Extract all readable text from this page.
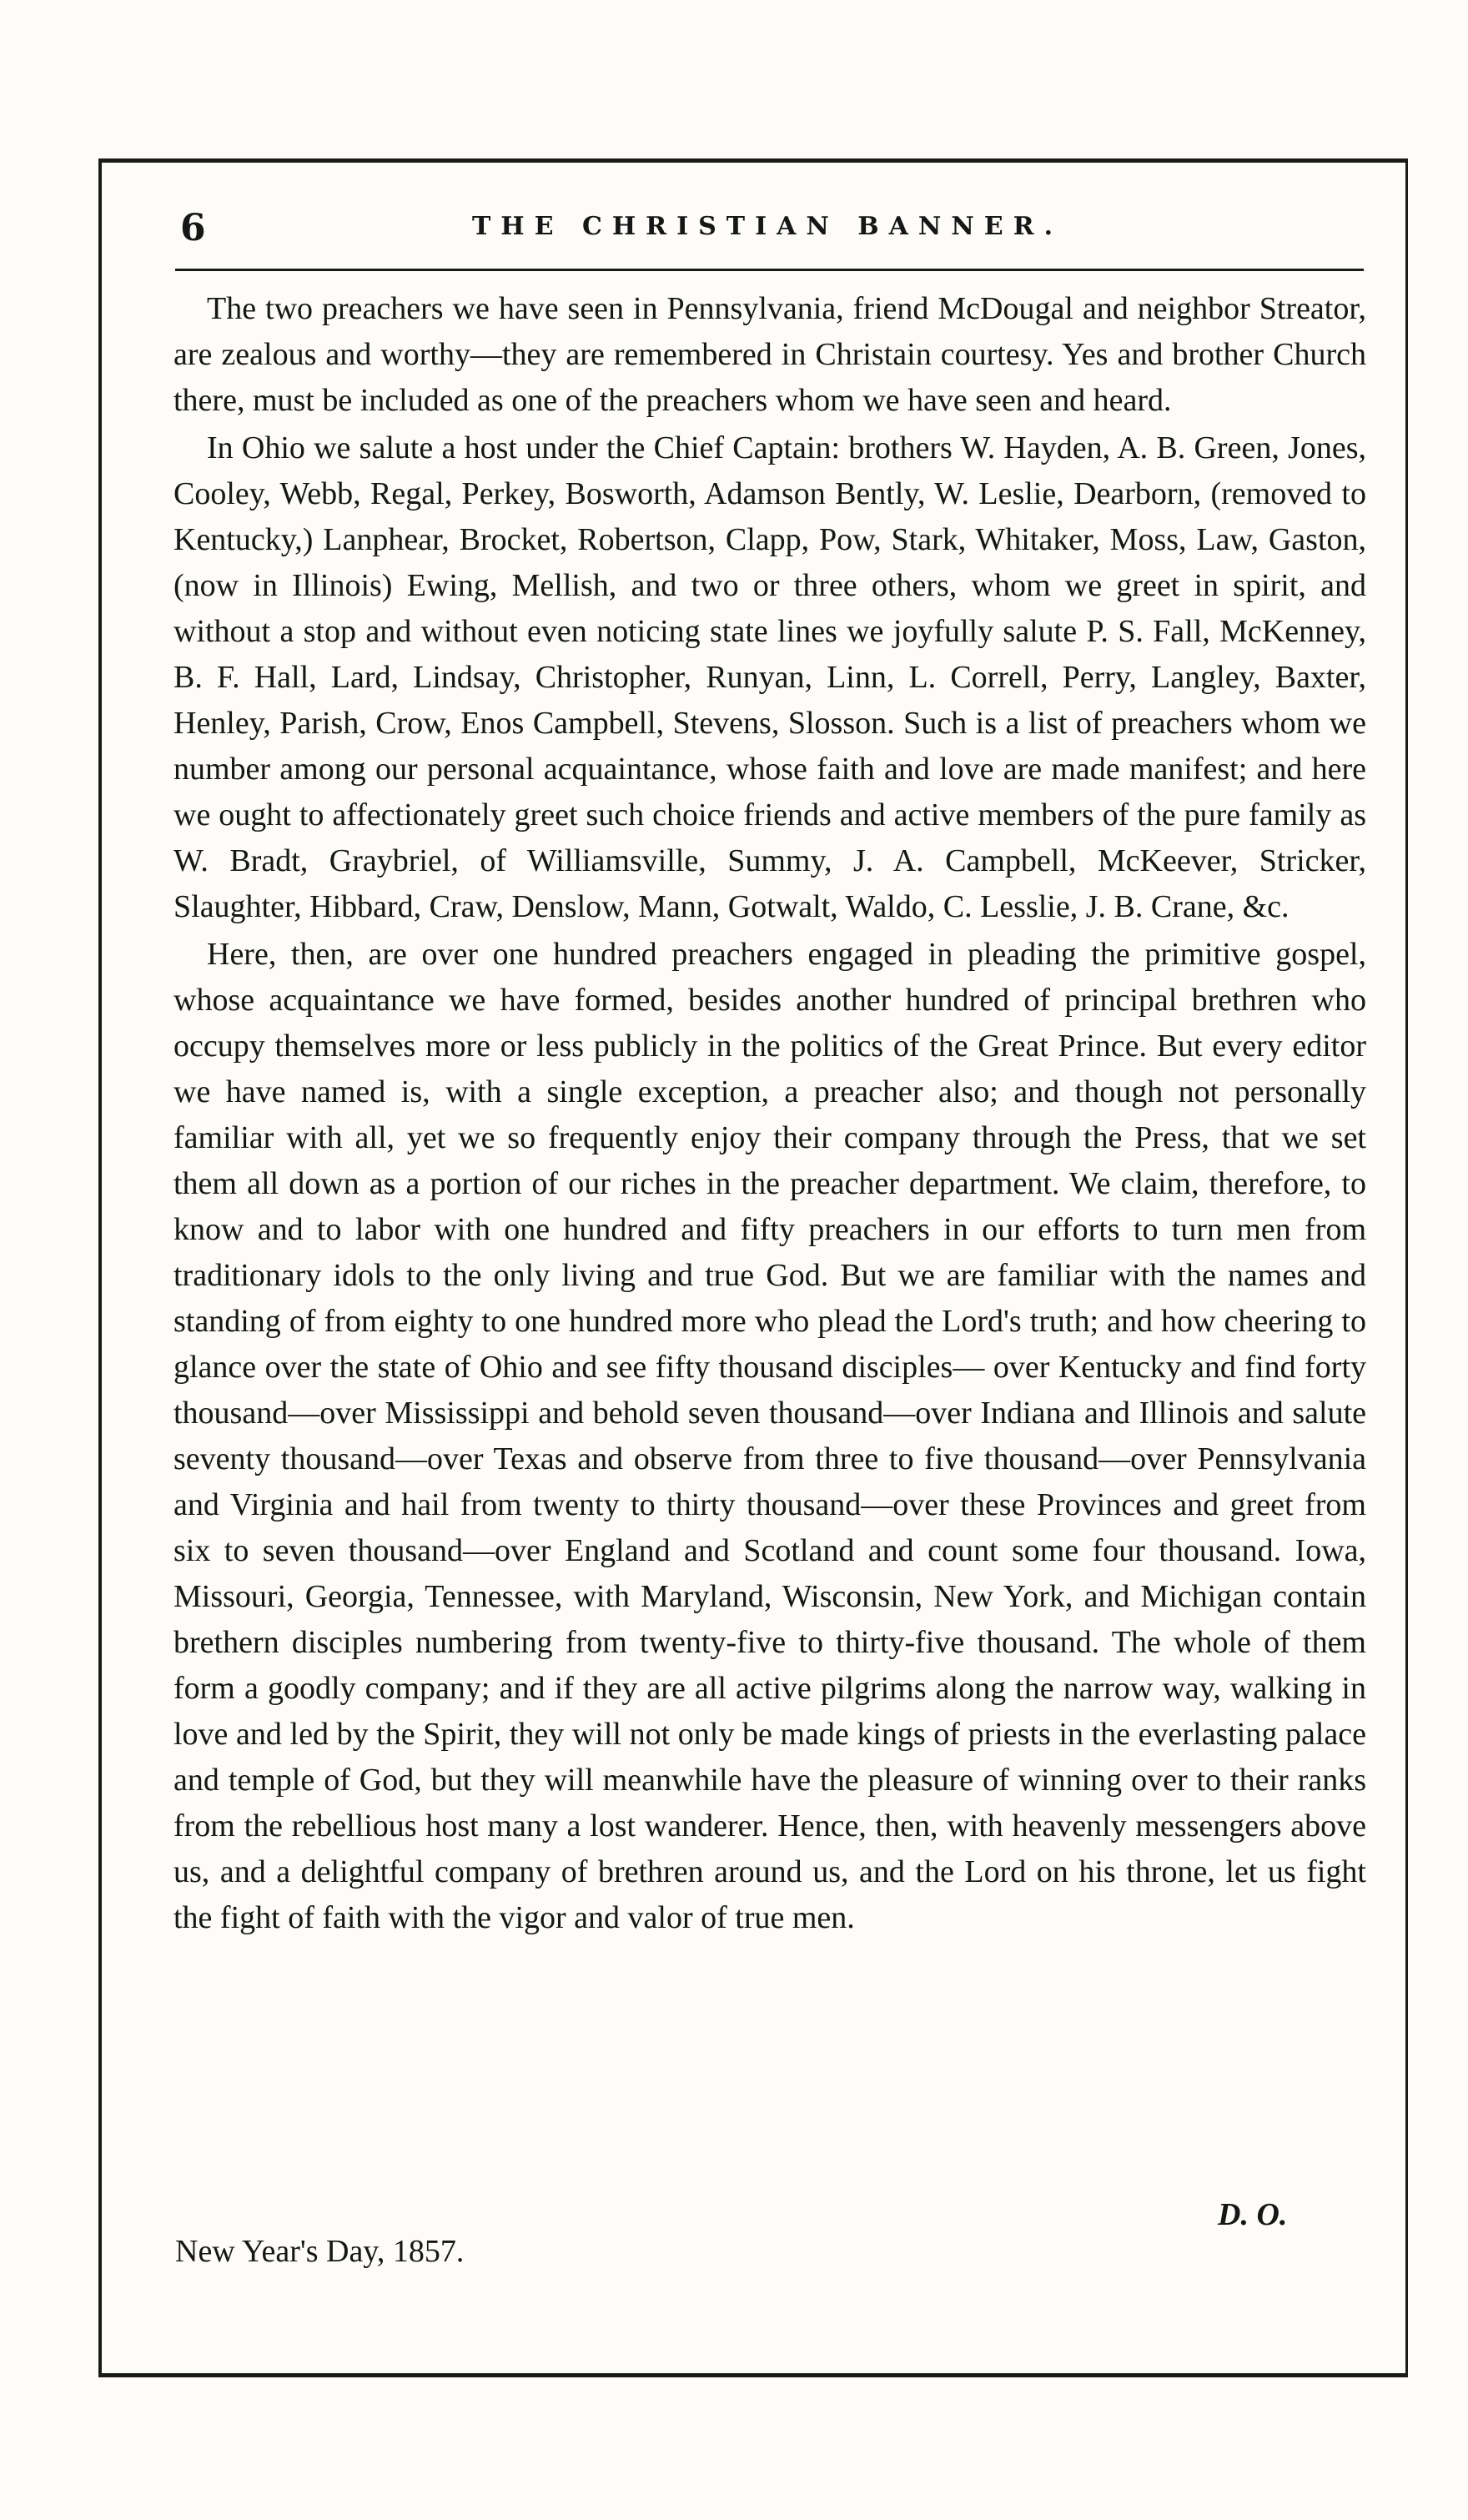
6	THE CHRISTIAN BANNER.

The two preachers we have seen in Pennsylvania, friend McDougal and neighbor Streator, are zealous and worthy—they are remembered in Christain courtesy. Yes and brother Church there, must be included as one of the preachers whom we have seen and heard.

In Ohio we salute a host under the Chief Captain: brothers W. Hayden, A. B. Green, Jones, Cooley, Webb, Regal, Perkey, Bosworth, Adamson Bently, W. Leslie, Dearborn, (removed to Kentucky,) Lanphear, Brocket, Robertson, Clapp, Pow, Stark, Whitaker, Moss, Law, Gaston, (now in Illinois) Ewing, Mellish, and two or three others, whom we greet in spirit, and without a stop and without even noticing state lines we joyfully salute P. S. Fall, McKenney, B. F. Hall, Lard, Lindsay, Christopher, Runyan, Linn, L. Correll, Perry, Langley, Baxter, Henley, Parish, Crow, Enos Campbell, Stevens, Slosson. Such is a list of preachers whom we number among our personal acquaintance, whose faith and love are made manifest; and here we ought to affectionately greet such choice friends and active members of the pure family as W. Bradt, Graybriel, of Williamsville, Summy, J. A. Campbell, McKeever, Stricker, Slaughter, Hibbard, Craw, Denslow, Mann, Gotwalt, Waldo, C. Lesslie, J. B. Crane, &c.

Here, then, are over one hundred preachers engaged in pleading the primitive gospel, whose acquaintance we have formed, besides another hundred of principal brethren who occupy themselves more or less publicly in the politics of the Great Prince. But every editor we have named is, with a single exception, a preacher also; and though not personally familiar with all, yet we so frequently enjoy their company through the Press, that we set them all down as a portion of our riches in the preacher department. We claim, therefore, to know and to labor with one hundred and fifty preachers in our efforts to turn men from traditionary idols to the only living and true God. But we are familiar with the names and standing of from eighty to one hundred more who plead the Lord's truth; and how cheering to glance over the state of Ohio and see fifty thousand disciples— over Kentucky and find forty thousand—over Mississippi and behold seven thousand—over Indiana and Illinois and salute seventy thousand—over Texas and observe from three to five thousand—over Pennsylvania and Virginia and hail from twenty to thirty thousand—over these Provinces and greet from six to seven thousand—over England and Scotland and count some four thousand. Iowa, Missouri, Georgia, Tennessee, with Maryland, Wisconsin, New York, and Michigan contain brethern disciples numbering from twenty-five to thirty-five thousand. The whole of them form a goodly company; and if they are all active pilgrims along the narrow way, walking in love and led by the Spirit, they will not only be made kings of priests in the everlasting palace and temple of God, but they will meanwhile have the pleasure of winning over to their ranks from the rebellious host many a lost wanderer. Hence, then, with heavenly messengers above us, and a delightful company of brethren around us, and the Lord on his throne, let us fight the fight of faith with the vigor and valor of true men.

D. O.
New Year's Day, 1857.
